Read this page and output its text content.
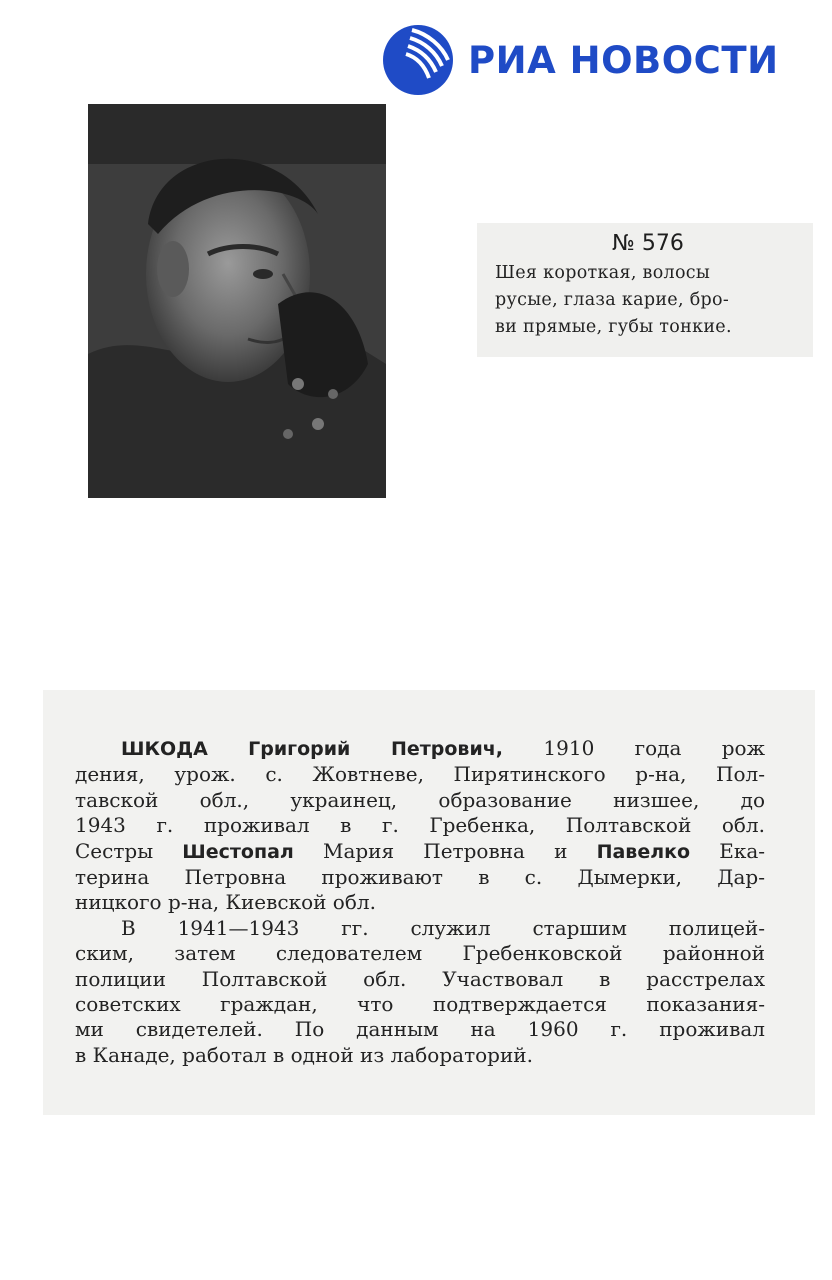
РИА НОВОСТИ
№ 576
Шея короткая, волосы
русые, глаза карие, бро-
ви прямые, губы тонкие.
ШКОДА Григорий Петрович, 1910 года рож
дения, урож. с. Жовтневе, Пирятинского р-на, Пол-
тавской обл., украинец, образование низшее, до
1943 г. проживал в г. Гребенка, Полтавской обл.
Сестры Шестопал Мария Петровна и Павелко Ека-
терина Петровна проживают в с. Дымерки, Дар-
ницкого р-на, Киевской обл.
В 1941—1943 гг. служил старшим полицей-
ским, затем следователем Гребенковской районной
полиции Полтавской обл. Участвовал в расстрелах
советских граждан, что подтверждается показания-
ми свидетелей. По данным на 1960 г. проживал
в Канаде, работал в одной из лабораторий.
